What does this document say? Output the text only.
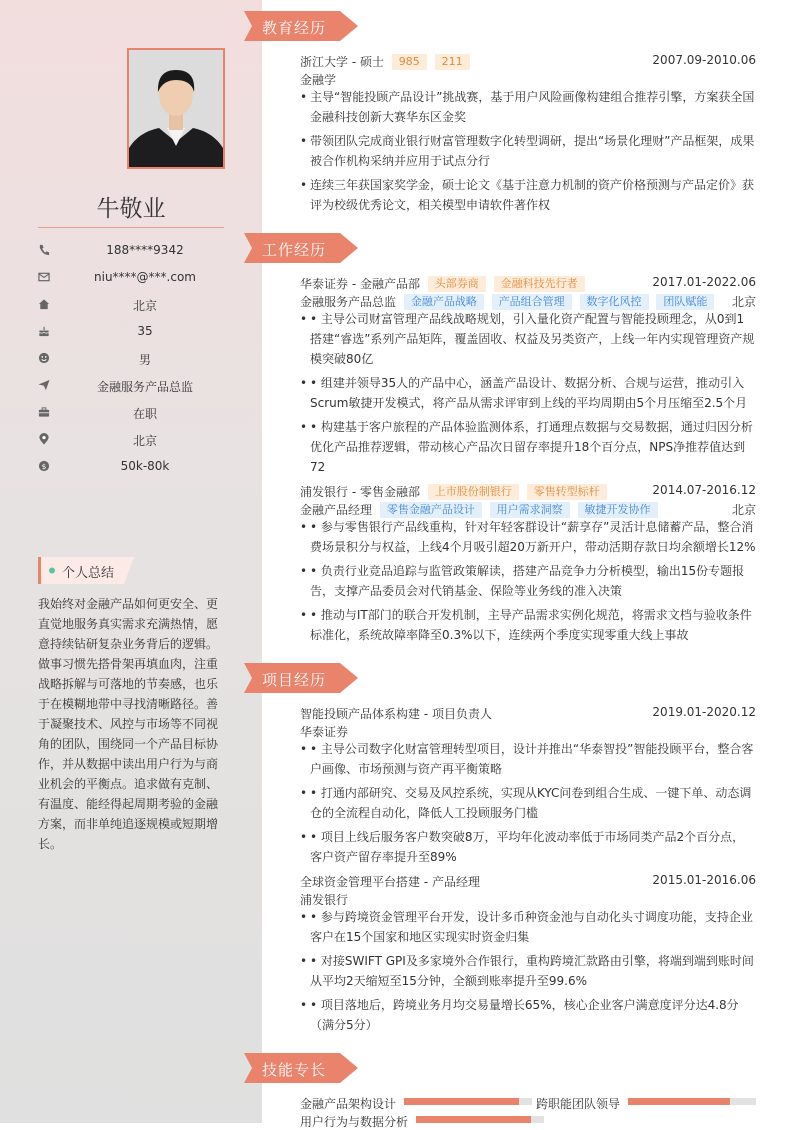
牛敬业
188****9342
niu****@***.com
北京
35
男
金融服务产品总监
在职
北京
$	50k-80k
个人总结
我始终对金融产品如何更安全、更直觉地服务真实需求充满热情，愿意持续钻研复杂业务背后的逻辑。做事习惯先搭骨架再填血肉，注重战略拆解与可落地的节奏感，也乐于在模糊地带中寻找清晰路径。善于凝聚技术、风控与市场等不同视角的团队，围绕同一个产品目标协作，并从数据中读出用户行为与商业机会的平衡点。追求做有克制、有温度、能经得起周期考验的金融方案，而非单纯追逐规模或短期增长。
教育经历
浙江大学 - 硕士 985 211	2007.09-2010.06
金融学
• 主导“智能投顾产品设计”挑战赛，基于用户风险画像构建组合推荐引擎，方案获全国金融科技创新大赛华东区金奖
• 带领团队完成商业银行财富管理数字化转型调研，提出“场景化理财”产品框架，成果被合作机构采纳并应用于试点分行
• 连续三年获国家奖学金，硕士论文《基于注意力机制的资产价格预测与产品定价》获评为校级优秀论文，相关模型申请软件著作权
工作经历
华泰证券 - 金融产品部 头部券商 金融科技先行者	2017.01-2022.06
金融服务产品总监 金融产品战略 产品组合管理 数字化风控 团队赋能	北京
• • 主导公司财富管理产品线战略规划，引入量化资产配置与智能投顾理念，从0到1搭建“睿选”系列产品矩阵，覆盖固收、权益及另类资产，上线一年内实现管理资产规模突破80亿
• • 组建并领导35人的产品中心，涵盖产品设计、数据分析、合规与运营，推动引入Scrum敏捷开发模式，将产品从需求评审到上线的平均周期由5个月压缩至2.5个月
• • 构建基于客户旅程的产品体验监测体系，打通理点数据与交易数据，通过归因分析优化产品推荐逻辑，带动核心产品次日留存率提升18个百分点，NPS净推荐值达到72
浦发银行 - 零售金融部 上市股份制银行 零售转型标杆	2014.07-2016.12
金融产品经理 零售金融产品设计 用户需求洞察 敏捷开发协作	北京
• • 参与零售银行产品线重构，针对年轻客群设计“薪享存”灵活计息储蓄产品，整合消费场景积分与权益，上线4个月吸引超20万新开户，带动活期存款日均余额增长12%
• • 负责行业竞品追踪与监管政策解读，搭建产品竞争力分析模型，输出15份专题报告，支撑产品委员会对代销基金、保险等业务线的准入决策
• • 推动与IT部门的联合开发机制，主导产品需求实例化规范，将需求文档与验收条件标准化，系统故障率降至0.3%以下，连续两个季度实现零重大线上事故
项目经历
智能投顾产品体系构建 - 项目负责人	2019.01-2020.12
华泰证券
• • 主导公司数字化财富管理转型项目，设计并推出“华泰智投”智能投顾平台，整合客户画像、市场预测与资产再平衡策略
• • 打通内部研究、交易及风控系统，实现从KYC问卷到组合生成、一键下单、动态调仓的全流程自动化，降低人工投顾服务门槛
• • 项目上线后服务客户数突破8万，平均年化波动率低于市场同类产品2个百分点，客户资产留存率提升至89%
全球资金管理平台搭建 - 产品经理	2015.01-2016.06
浦发银行
• • 参与跨境资金管理平台开发，设计多币种资金池与自动化头寸调度功能，支持企业客户在15个国家和地区实现实时资金归集
• • 对接SWIFT GPI及多家境外合作银行，重构跨境汇款路由引擎，将端到端到账时间从平均2天缩短至15分钟，全额到账率提升至99.6%
• • 项目落地后，跨境业务月均交易量增长65%，核心企业客户满意度评分达4.8分（满分5分）
技能专长
金融产品架构设计	跨职能团队领导
用户行为与数据分析
